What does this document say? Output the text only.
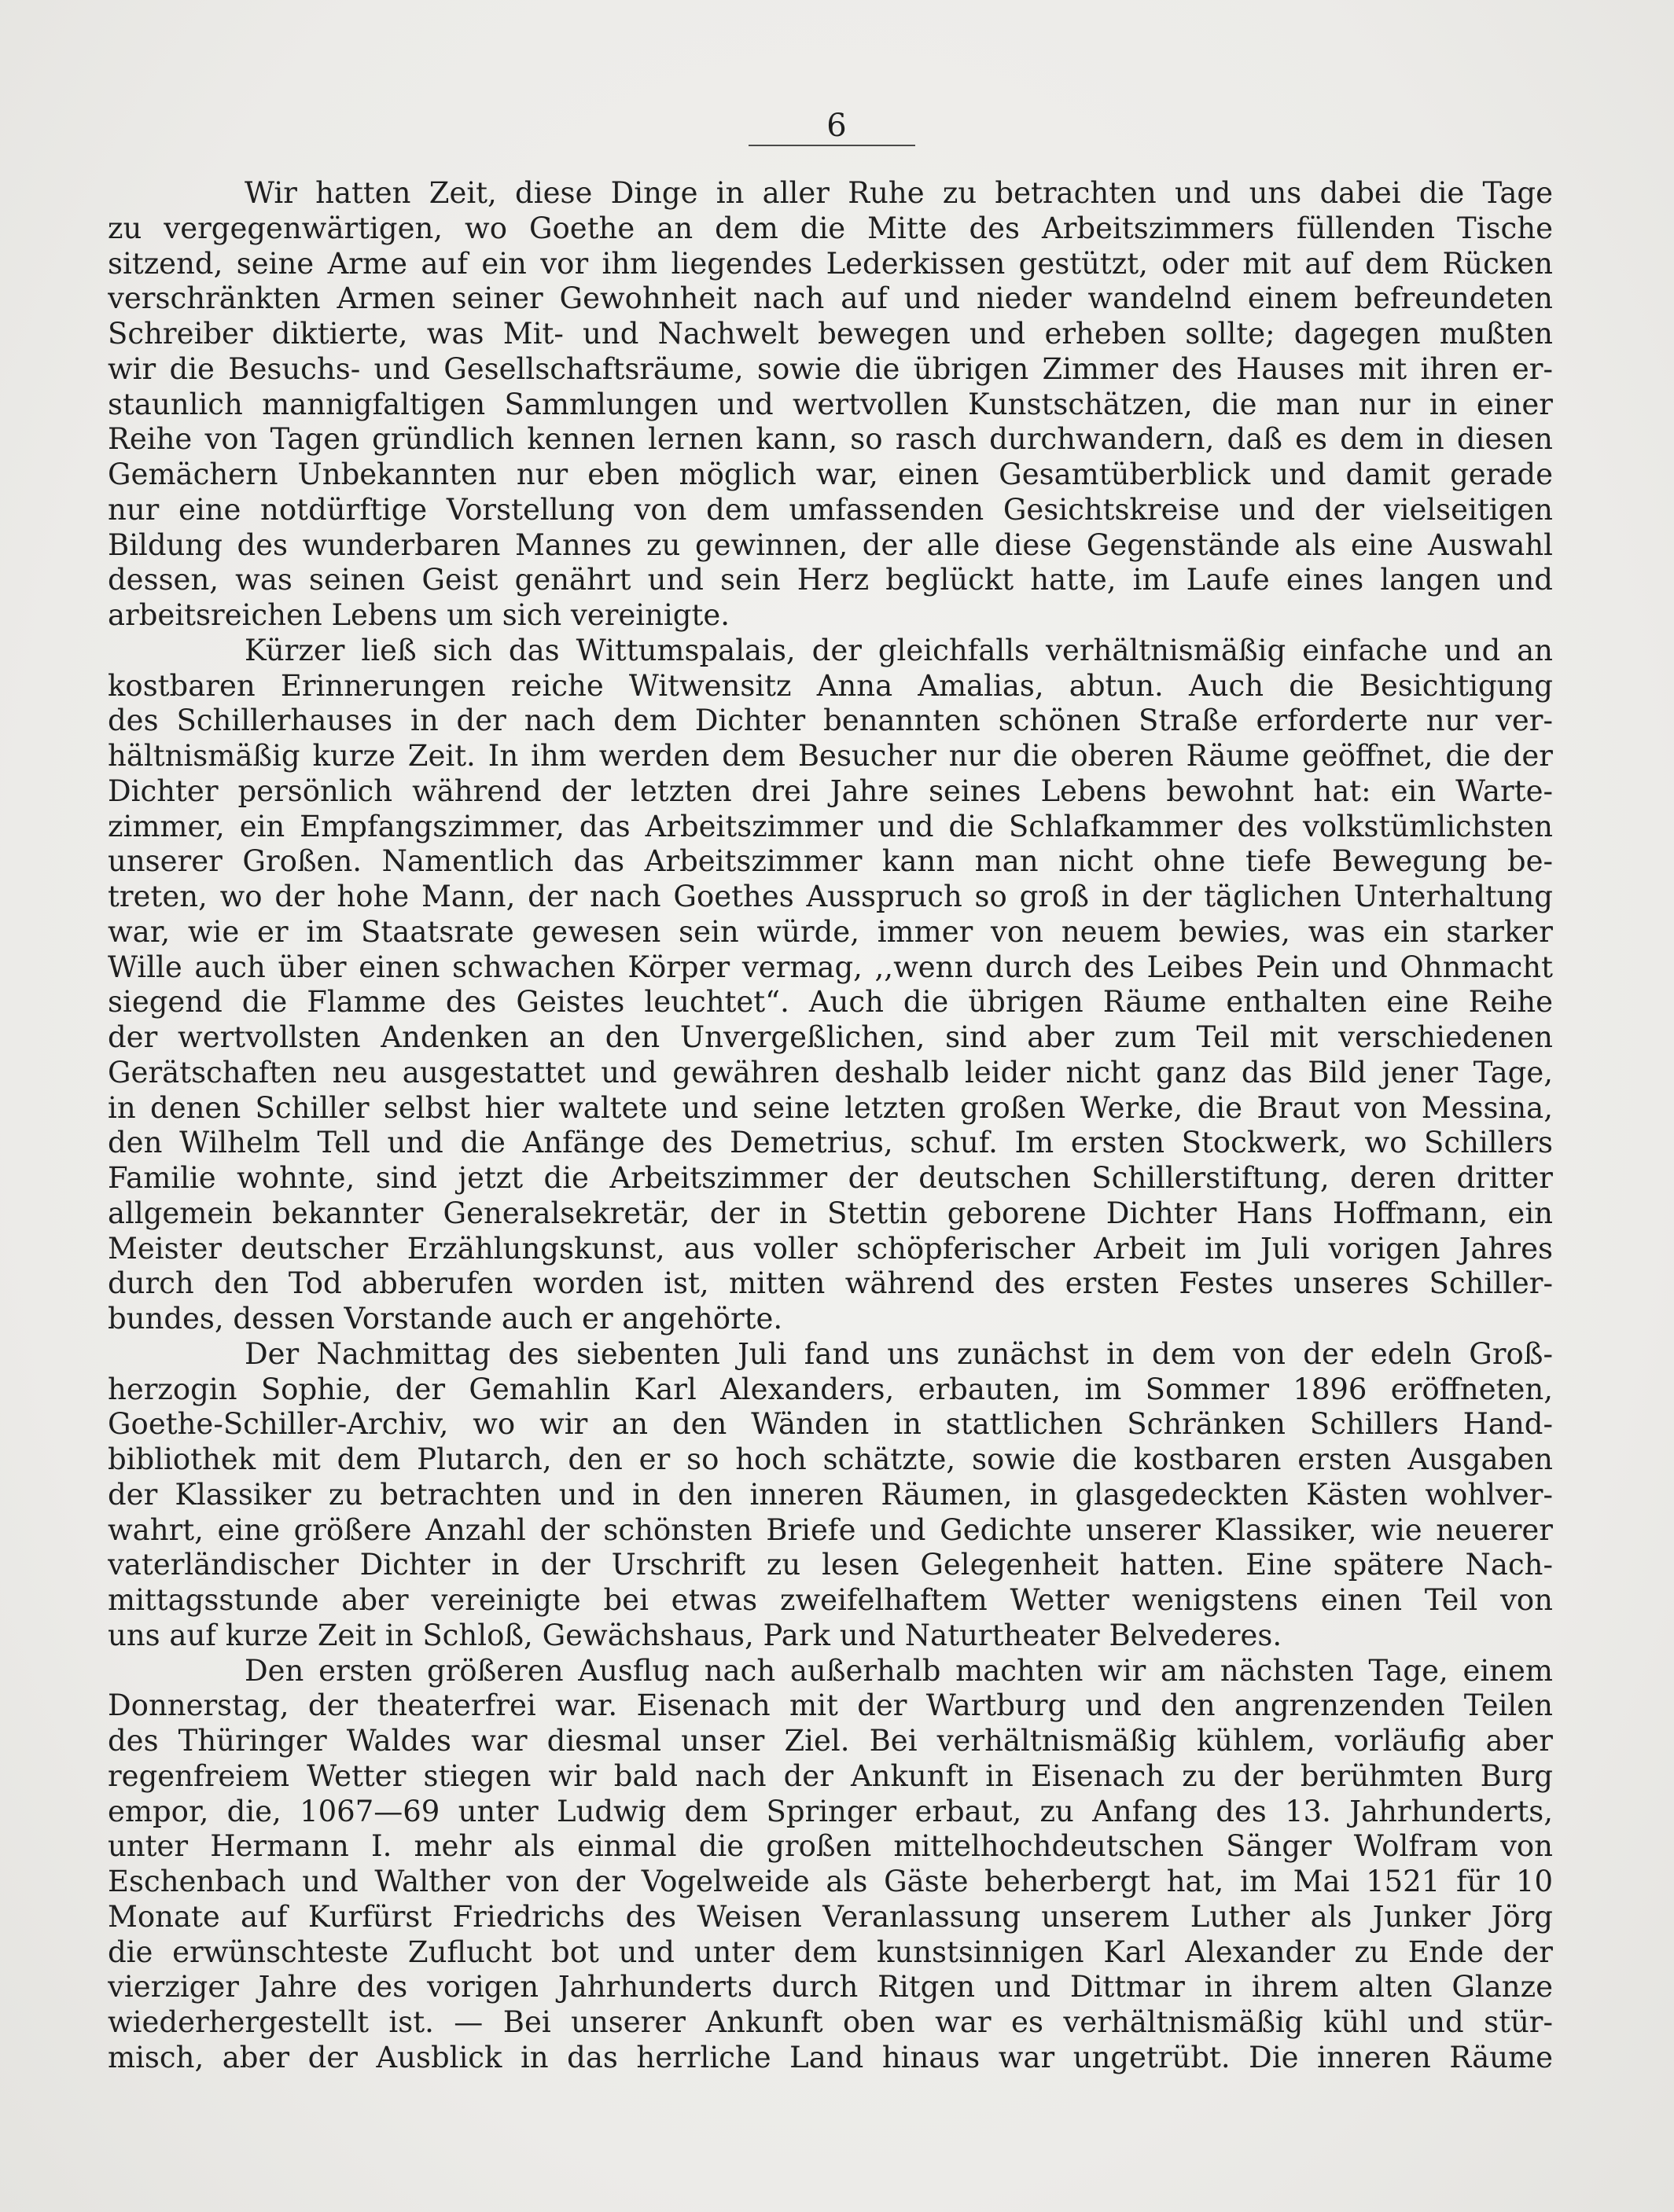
6
Wir hatten Zeit, diese Dinge in aller Ruhe zu betrachten und uns dabei die Tage
zu vergegenwärtigen, wo Goethe an dem die Mitte des Arbeitszimmers füllenden Tische
sitzend, seine Arme auf ein vor ihm liegendes Lederkissen gestützt, oder mit auf dem Rücken
verschränkten Armen seiner Gewohnheit nach auf und nieder wandelnd einem befreundeten
Schreiber diktierte, was Mit- und Nachwelt bewegen und erheben sollte; dagegen mußten
wir die Besuchs- und Gesellschaftsräume, sowie die übrigen Zimmer des Hauses mit ihren er-
staunlich mannigfaltigen Sammlungen und wertvollen Kunstschätzen, die man nur in einer
Reihe von Tagen gründlich kennen lernen kann, so rasch durchwandern, daß es dem in diesen
Gemächern Unbekannten nur eben möglich war, einen Gesamtüberblick und damit gerade
nur eine notdürftige Vorstellung von dem umfassenden Gesichtskreise und der vielseitigen
Bildung des wunderbaren Mannes zu gewinnen, der alle diese Gegenstände als eine Auswahl
dessen, was seinen Geist genährt und sein Herz beglückt hatte, im Laufe eines langen und
arbeitsreichen Lebens um sich vereinigte.
Kürzer ließ sich das Wittumspalais, der gleichfalls verhältnismäßig einfache und an
kostbaren Erinnerungen reiche Witwensitz Anna Amalias, abtun. Auch die Besichtigung
des Schillerhauses in der nach dem Dichter benannten schönen Straße erforderte nur ver-
hältnismäßig kurze Zeit. In ihm werden dem Besucher nur die oberen Räume geöffnet, die der
Dichter persönlich während der letzten drei Jahre seines Lebens bewohnt hat: ein Warte-
zimmer, ein Empfangszimmer, das Arbeitszimmer und die Schlafkammer des volkstümlichsten
unserer Großen. Namentlich das Arbeitszimmer kann man nicht ohne tiefe Bewegung be-
treten, wo der hohe Mann, der nach Goethes Ausspruch so groß in der täglichen Unterhaltung
war, wie er im Staatsrate gewesen sein würde, immer von neuem bewies, was ein starker
Wille auch über einen schwachen Körper vermag, ,,wenn durch des Leibes Pein und Ohnmacht
siegend die Flamme des Geistes leuchtet“. Auch die übrigen Räume enthalten eine Reihe
der wertvollsten Andenken an den Unvergeßlichen, sind aber zum Teil mit verschiedenen
Gerätschaften neu ausgestattet und gewähren deshalb leider nicht ganz das Bild jener Tage,
in denen Schiller selbst hier waltete und seine letzten großen Werke, die Braut von Messina,
den Wilhelm Tell und die Anfänge des Demetrius, schuf. Im ersten Stockwerk, wo Schillers
Familie wohnte, sind jetzt die Arbeitszimmer der deutschen Schillerstiftung, deren dritter
allgemein bekannter Generalsekretär, der in Stettin geborene Dichter Hans Hoffmann, ein
Meister deutscher Erzählungskunst, aus voller schöpferischer Arbeit im Juli vorigen Jahres
durch den Tod abberufen worden ist, mitten während des ersten Festes unseres Schiller-
bundes, dessen Vorstande auch er angehörte.
Der Nachmittag des siebenten Juli fand uns zunächst in dem von der edeln Groß-
herzogin Sophie, der Gemahlin Karl Alexanders, erbauten, im Sommer 1896 eröffneten,
Goethe-Schiller-Archiv, wo wir an den Wänden in stattlichen Schränken Schillers Hand-
bibliothek mit dem Plutarch, den er so hoch schätzte, sowie die kostbaren ersten Ausgaben
der Klassiker zu betrachten und in den inneren Räumen, in glasgedeckten Kästen wohlver-
wahrt, eine größere Anzahl der schönsten Briefe und Gedichte unserer Klassiker, wie neuerer
vaterländischer Dichter in der Urschrift zu lesen Gelegenheit hatten. Eine spätere Nach-
mittagsstunde aber vereinigte bei etwas zweifelhaftem Wetter wenigstens einen Teil von
uns auf kurze Zeit in Schloß, Gewächshaus, Park und Naturtheater Belvederes.
Den ersten größeren Ausflug nach außerhalb machten wir am nächsten Tage, einem
Donnerstag, der theaterfrei war. Eisenach mit der Wartburg und den angrenzenden Teilen
des Thüringer Waldes war diesmal unser Ziel. Bei verhältnismäßig kühlem, vorläufig aber
regenfreiem Wetter stiegen wir bald nach der Ankunft in Eisenach zu der berühmten Burg
empor, die, 1067—69 unter Ludwig dem Springer erbaut, zu Anfang des 13. Jahrhunderts,
unter Hermann I. mehr als einmal die großen mittelhochdeutschen Sänger Wolfram von
Eschenbach und Walther von der Vogelweide als Gäste beherbergt hat, im Mai 1521 für 10
Monate auf Kurfürst Friedrichs des Weisen Veranlassung unserem Luther als Junker Jörg
die erwünschteste Zuflucht bot und unter dem kunstsinnigen Karl Alexander zu Ende der
vierziger Jahre des vorigen Jahrhunderts durch Ritgen und Dittmar in ihrem alten Glanze
wiederhergestellt ist. — Bei unserer Ankunft oben war es verhältnismäßig kühl und stür-
misch, aber der Ausblick in das herrliche Land hinaus war ungetrübt. Die inneren Räume
